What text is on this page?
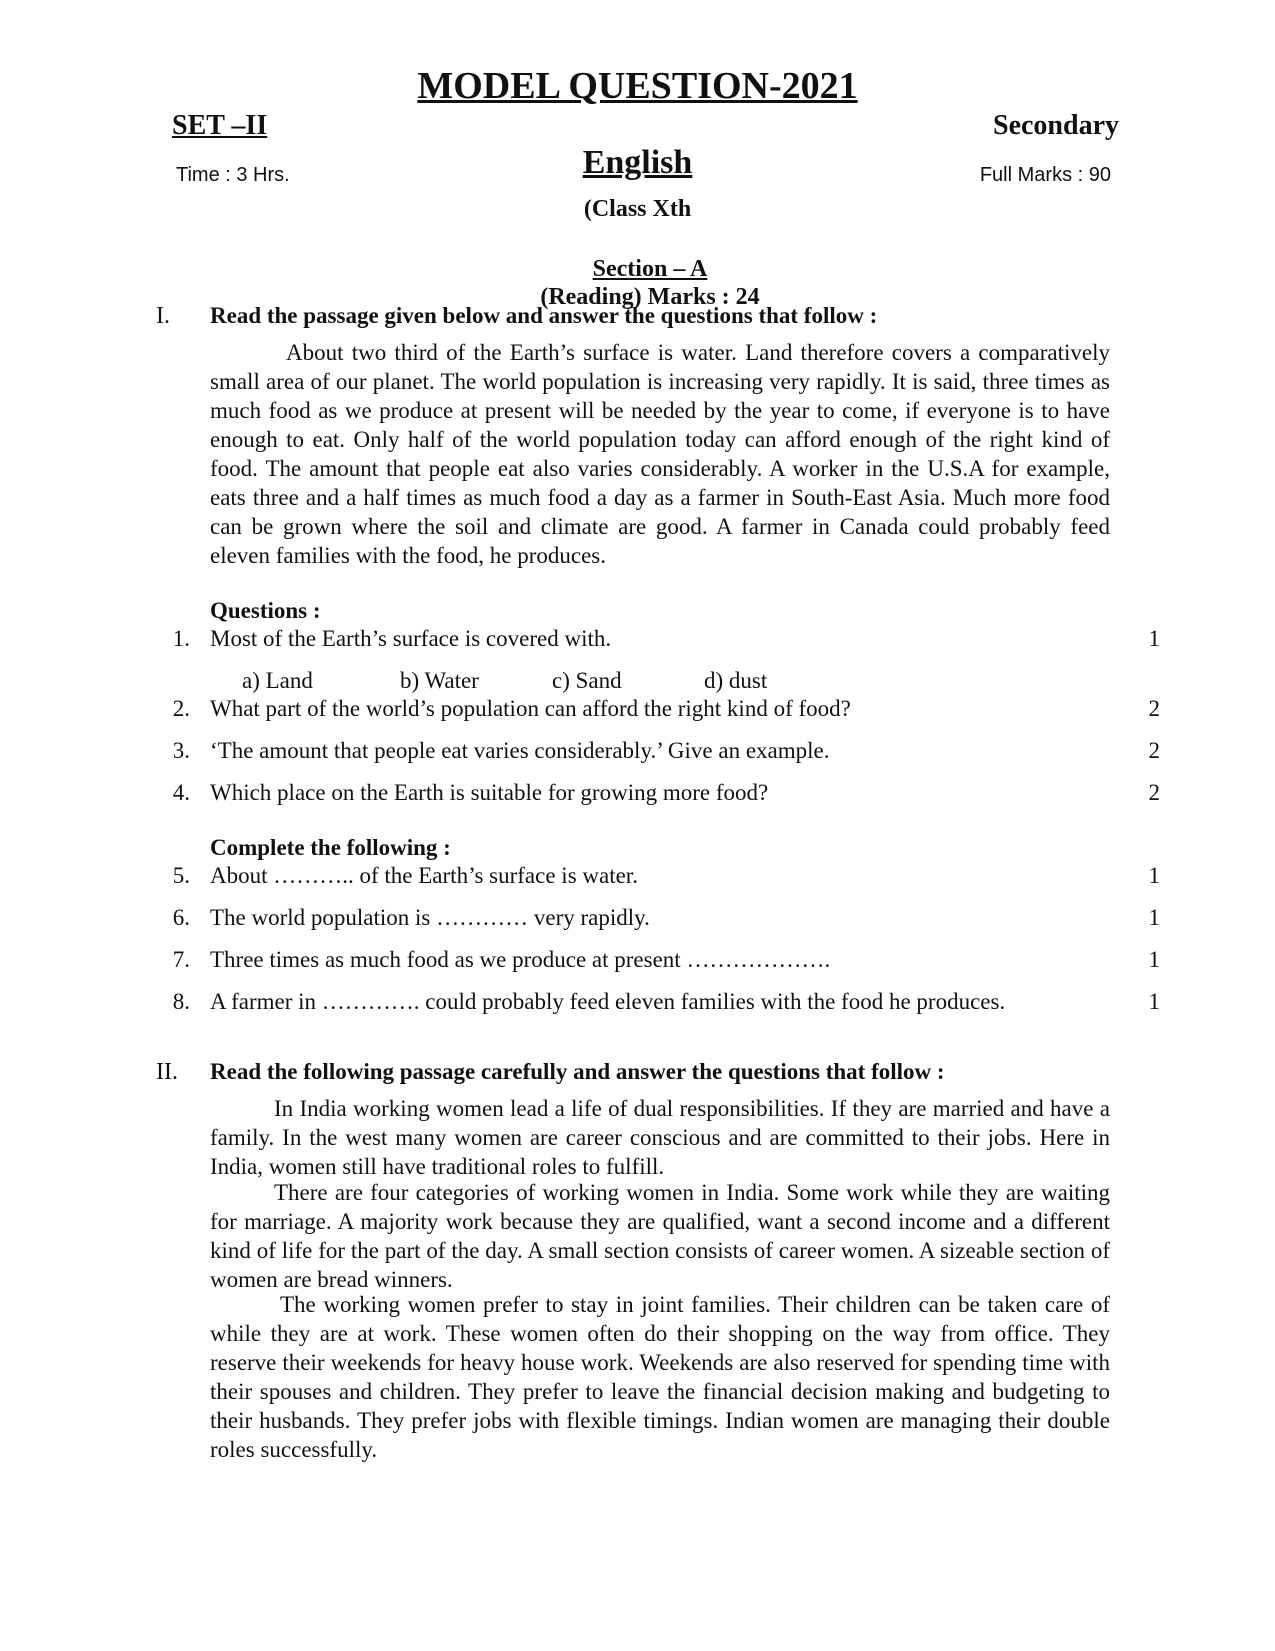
MODEL QUESTION-2021
SET –II	Secondary
Time : 3 Hrs.	English	Full Marks : 90
(Class Xth
Section – A
(Reading) Marks : 24
I. Read the passage given below and answer the questions that follow :
About two third of the Earth’s surface is water. Land therefore covers a comparatively small area of our planet. The world population is increasing very rapidly. It is said, three times as much food as we produce at present will be needed by the year to come, if everyone is to have enough to eat. Only half of the world population today can afford enough of the right kind of food. The amount that people eat also varies considerably. A worker in the U.S.A for example, eats three and a half times as much food a day as a farmer in South-East Asia. Much more food can be grown where the soil and climate are good. A farmer in Canada could probably feed eleven families with the food, he produces.
Questions :
1. Most of the Earth’s surface is covered with.	1
a) Land	b) Water	c) Sand	d) dust
2. What part of the world’s population can afford the right kind of food?	2
3. ‘The amount that people eat varies considerably.’ Give an example.	2
4. Which place on the Earth is suitable for growing more food?	2
Complete the following :
5. About ……….. of the Earth’s surface is water.	1
6. The world population is ………… very rapidly.	1
7. Three times as much food as we produce at present ……………….	1
8. A farmer in …………. could probably feed eleven families with the food he produces.	1
II. Read the following passage carefully and answer the questions that follow :
In India working women lead a life of dual responsibilities. If they are married and have a family. In the west many women are career conscious and are committed to their jobs. Here in India, women still have traditional roles to fulfill.
There are four categories of working women in India. Some work while they are waiting for marriage. A majority work because they are qualified, want a second income and a different kind of life for the part of the day. A small section consists of career women. A sizeable section of women are bread winners.
The working women prefer to stay in joint families. Their children can be taken care of while they are at work. These women often do their shopping on the way from office. They reserve their weekends for heavy house work. Weekends are also reserved for spending time with their spouses and children. They prefer to leave the financial decision making and budgeting to their husbands. They prefer jobs with flexible timings. Indian women are managing their double roles successfully.
